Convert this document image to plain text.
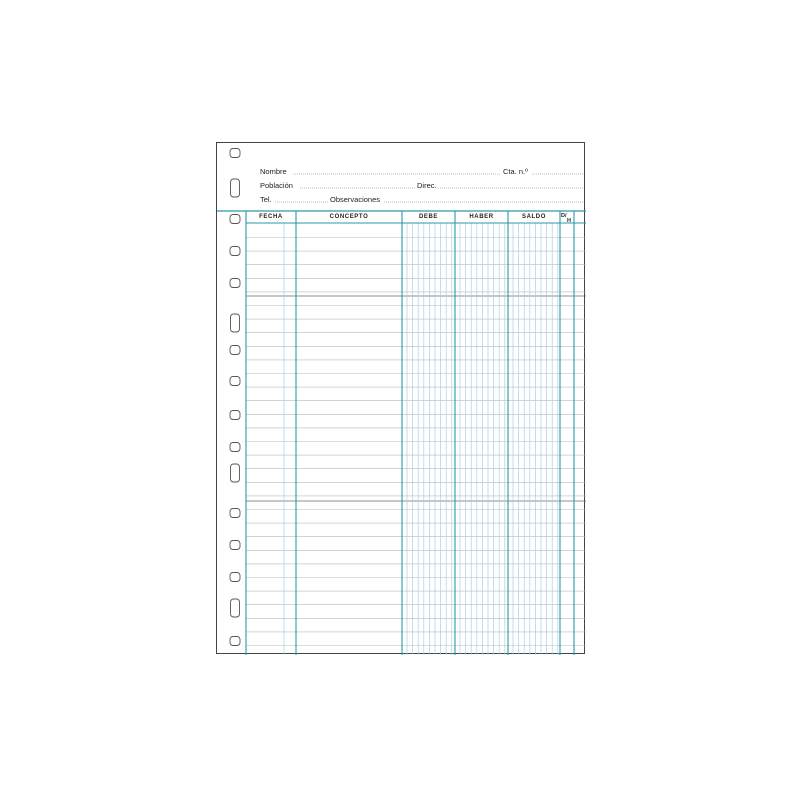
Nombre	Cta. n.º
Población	Direc.
Tel.	Observaciones
FECHA	CONCEPTO	DEBE	HABER	SALDO	D/
H
